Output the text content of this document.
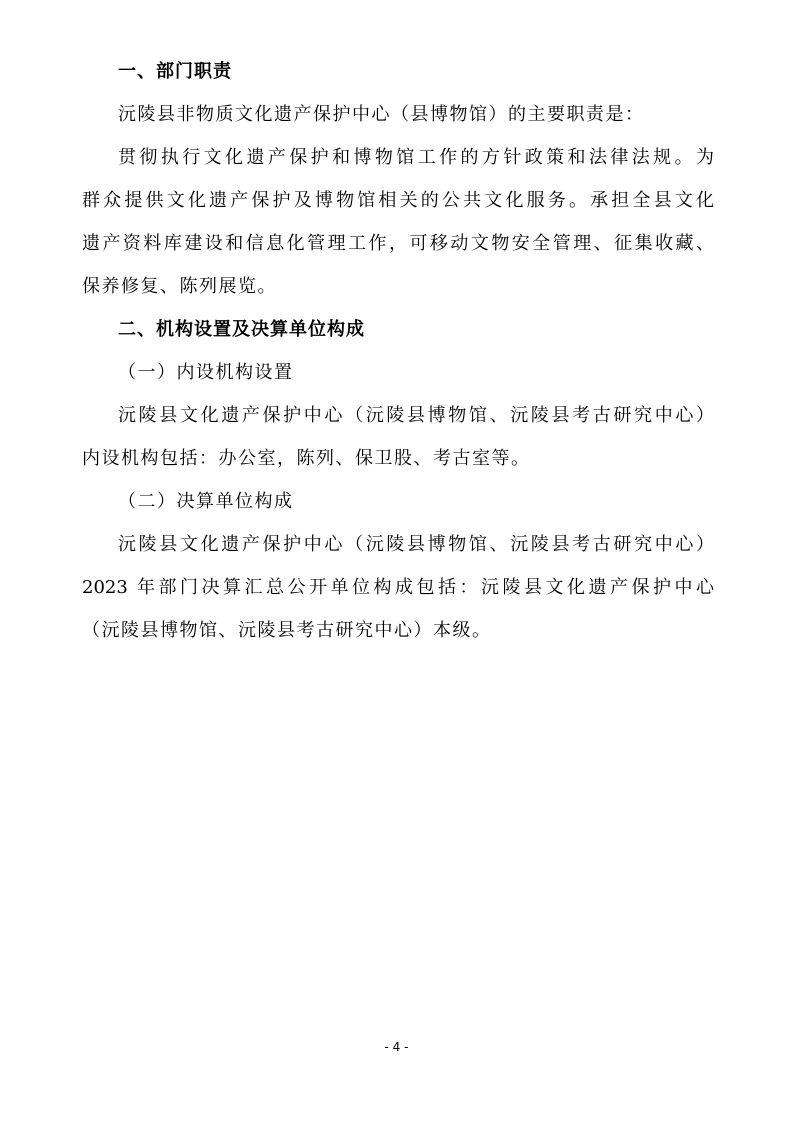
一、部门职责
沅陵县非物质文化遗产保护中心（县博物馆）的主要职责是：
贯彻执行文化遗产保护和博物馆工作的方针政策和法律法规。为
群众提供文化遗产保护及博物馆相关的公共文化服务。承担全县文化
遗产资料库建设和信息化管理工作，可移动文物安全管理、征集收藏、
保养修复、陈列展览。
二、机构设置及决算单位构成
（一）内设机构设置
沅陵县文化遗产保护中心（沅陵县博物馆、沅陵县考古研究中心）
内设机构包括：办公室，陈列、保卫股、考古室等。
（二）决算单位构成
沅陵县文化遗产保护中心（沅陵县博物馆、沅陵县考古研究中心）
2023 年部门决算汇总公开单位构成包括：沅陵县文化遗产保护中心
（沅陵县博物馆、沅陵县考古研究中心）本级。
- 4 -
